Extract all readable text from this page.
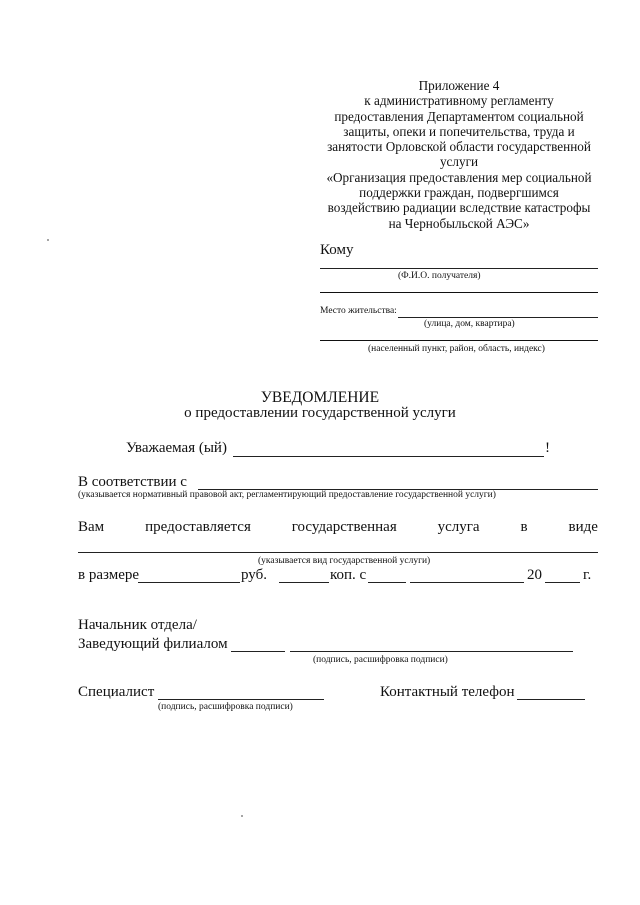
Приложение 4
к административному регламенту
предоставления Департаментом социальной
защиты, опеки и попечительства, труда и
занятости Орловской области государственной
услуги
«Организация предоставления мер социальной
поддержки граждан, подвергшимся
воздействию радиации вследствие катастрофы
на Чернобыльской АЭС»
Кому
(Ф.И.О. получателя)
Место жительства:
(улица, дом, квартира)
(населенный пункт, район, область, индекс)
УВЕДОМЛЕНИЕ
о предоставлении государственной услуги
Уважаемая (ый)	!
В соответствии с
(указывается нормативный правовой акт, регламентирующий предоставление государственной услуги)
Вам	предоставляется	государственная	услуга	в	виде
(указывается вид государственной услуги)
в размере	руб.	коп. с	20	г.
Начальник отдела/
Заведующий филиалом
(подпись, расшифровка подписи)
Специалист
(подпись, расшифровка подписи)
Контактный телефон
